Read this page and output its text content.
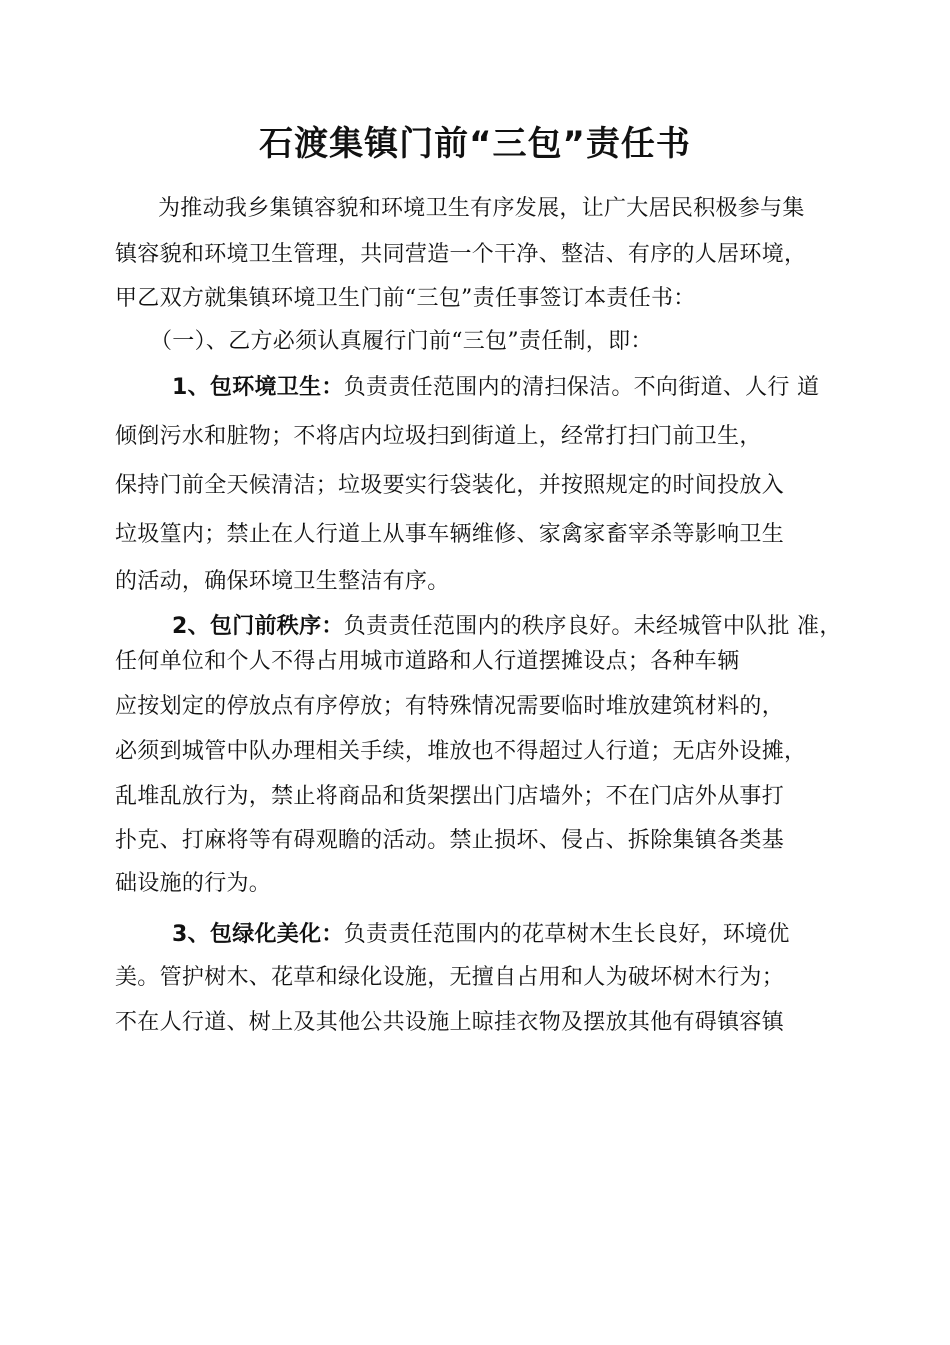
石渡集镇门前“三包”责任书
为推动我乡集镇容貌和环境卫生有序发展，让广大居民积极参与集
镇容貌和环境卫生管理，共同营造一个干净、整洁、有序的人居环境，
甲乙双方就集镇环境卫生门前“三包”责任事签订本责任书：
（一）、乙方必须认真履行门前“三包”责任制，即：
1、包环境卫生：负责责任范围内的清扫保洁。不向街道、人行 道
倾倒污水和脏物；不将店内垃圾扫到街道上，经常打扫门前卫生，
保持门前全天候清洁；垃圾要实行袋装化，并按照规定的时间投放入
垃圾篁内；禁止在人行道上从事车辆维修、家禽家畜宰杀等影响卫生
的活动，确保环境卫生整洁有序。
2、包门前秩序：负责责任范围内的秩序良好。未经城管中队批 准，
任何单位和个人不得占用城市道路和人行道摆摊设点；各种车辆
应按划定的停放点有序停放；有特殊情况需要临时堆放建筑材料的，
必须到城管中队办理相关手续，堆放也不得超过人行道；无店外设摊，
乱堆乱放行为，禁止将商品和货架摆出门店墙外；不在门店外从事打
扑克、打麻将等有碍观瞻的活动。禁止损坏、侵占、拆除集镇各类基
础设施的行为。
3、包绿化美化：负责责任范围内的花草树木生长良好，环境优
美。管护树木、花草和绿化设施，无擅自占用和人为破坏树木行为；
不在人行道、树上及其他公共设施上晾挂衣物及摆放其他有碍镇容镇
